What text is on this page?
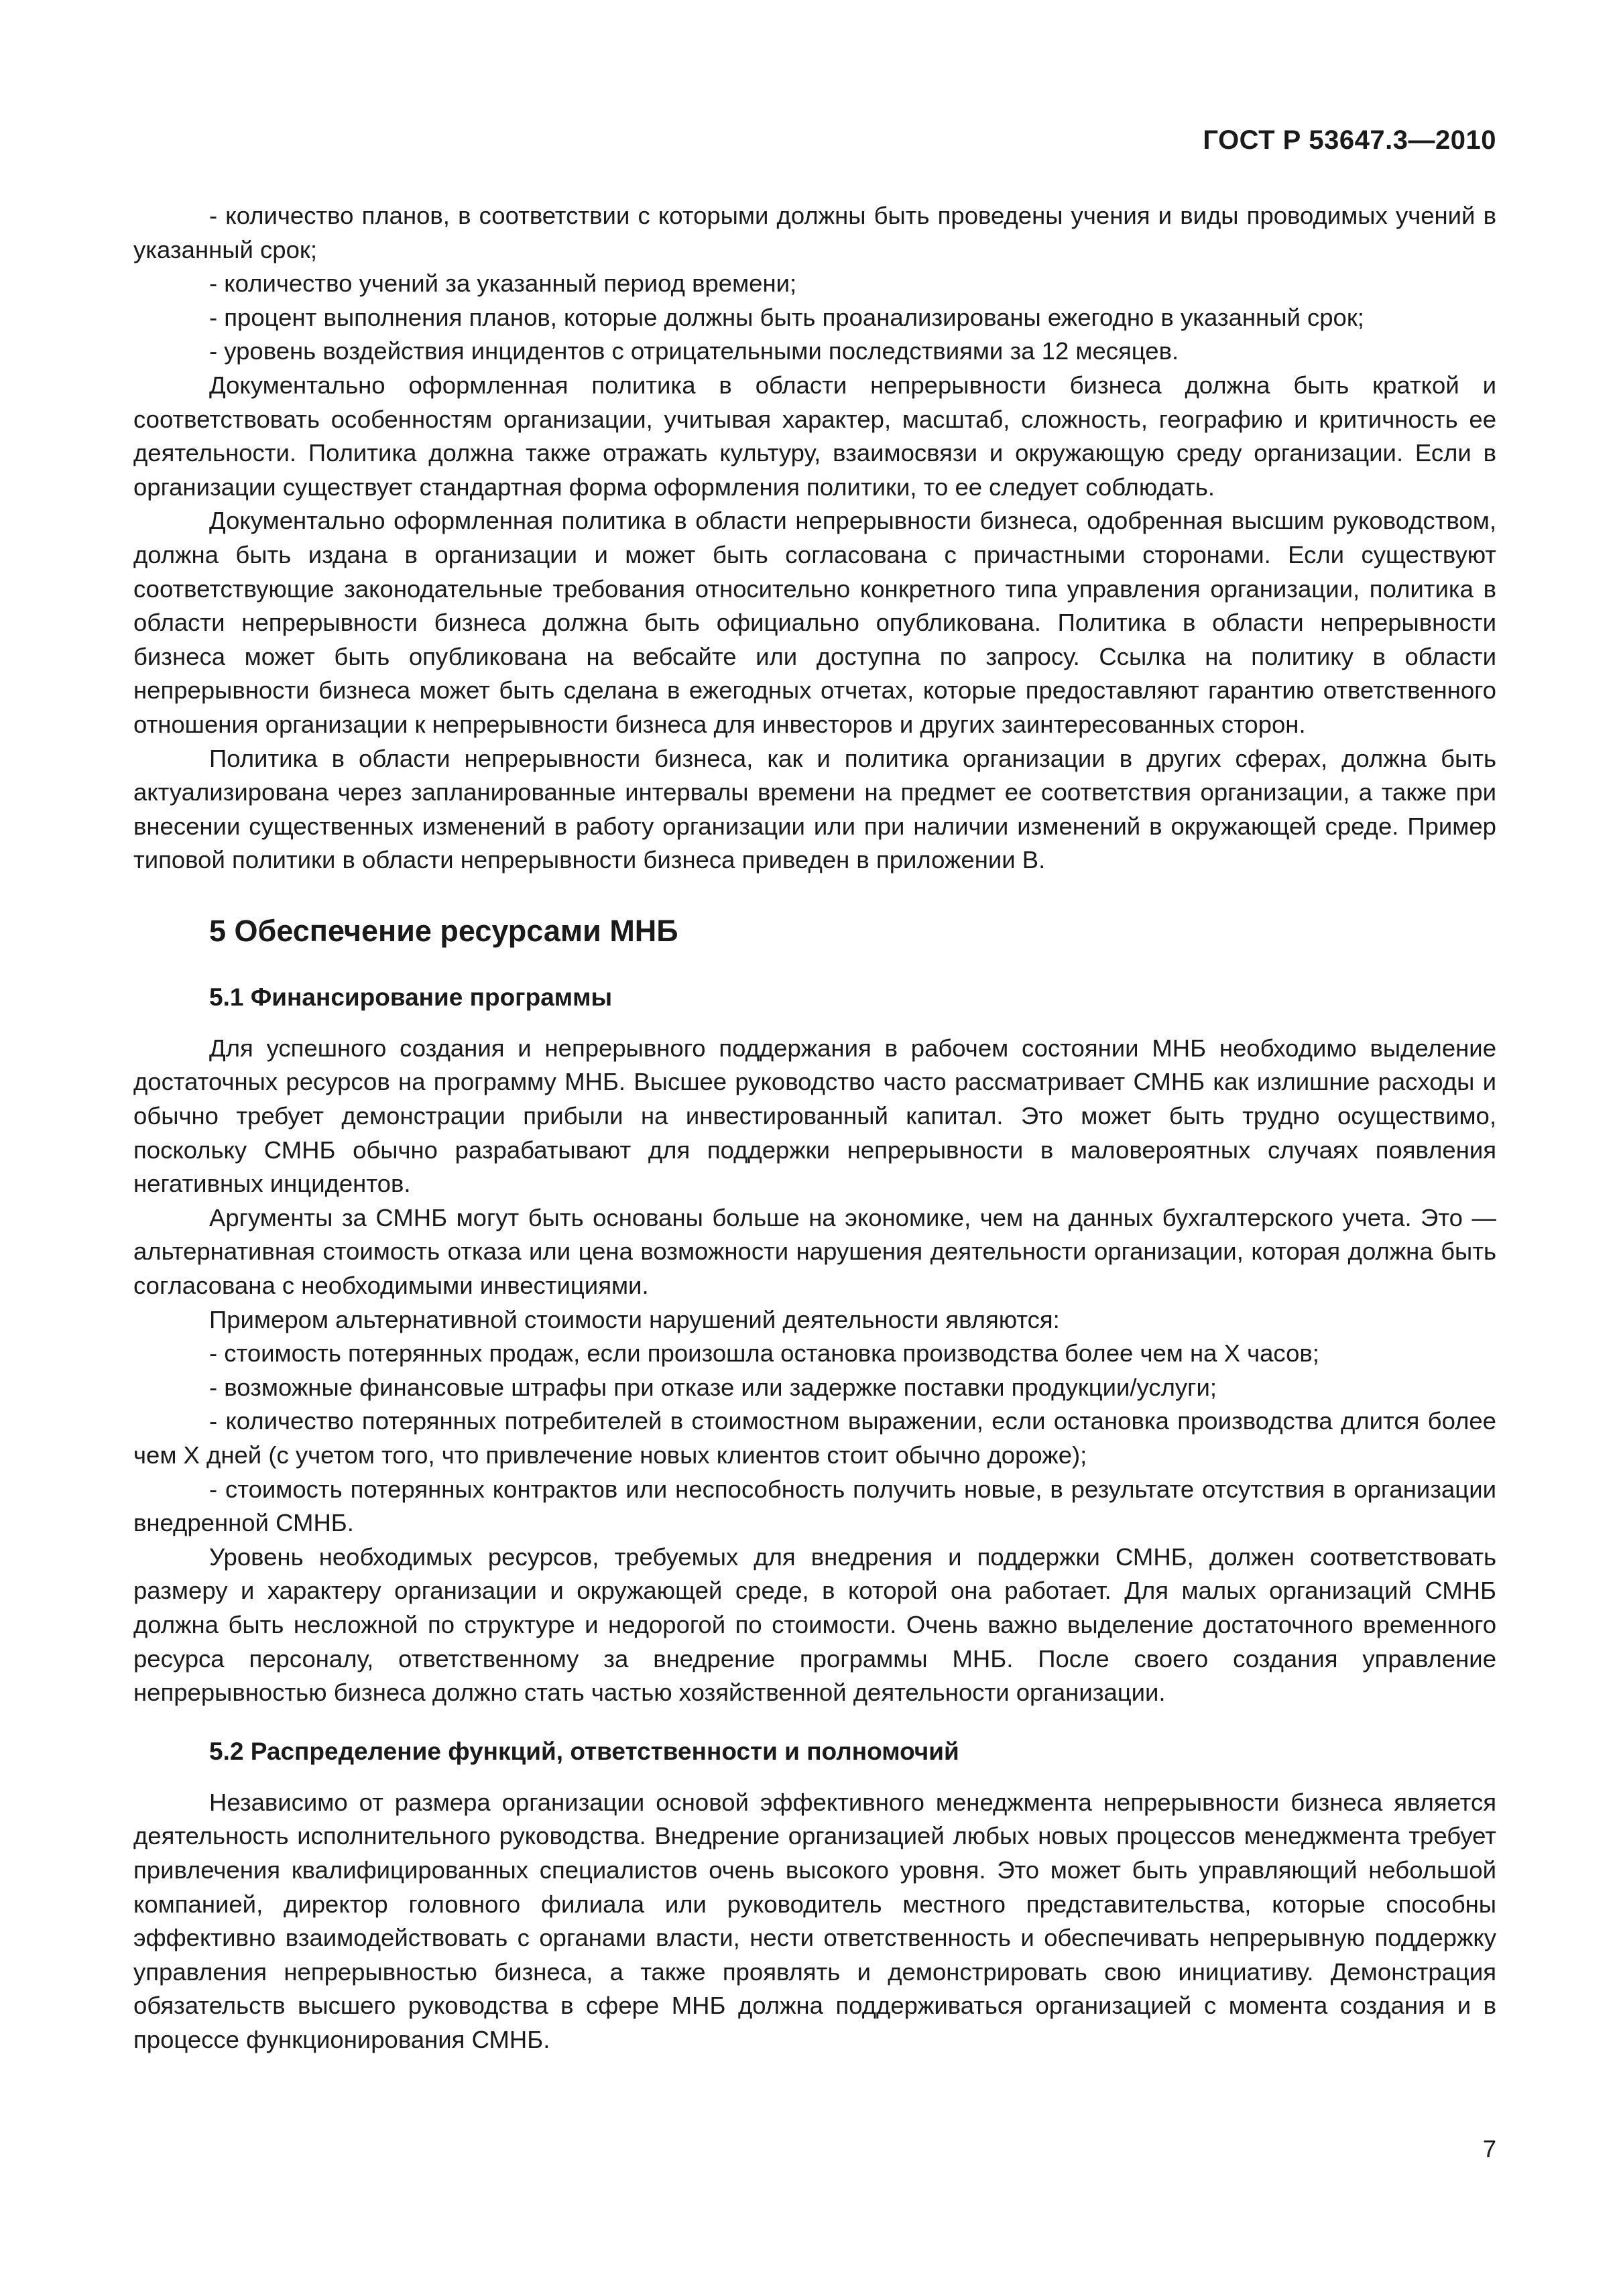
ГОСТ Р 53647.3—2010

- количество планов, в соответствии с которыми должны быть проведены учения и виды проводимых учений в указанный срок;

- количество учений за указанный период времени;

- процент выполнения планов, которые должны быть проанализированы ежегодно в указанный срок;

- уровень воздействия инцидентов с отрицательными последствиями за 12 месяцев.

Документально оформленная политика в области непрерывности бизнеса должна быть краткой и соответствовать особенностям организации, учитывая характер, масштаб, сложность, географию и критичность ее деятельности. Политика должна также отражать культуру, взаимосвязи и окружающую среду организации. Если в организации существует стандартная форма оформления политики, то ее следует соблюдать.

Документально оформленная политика в области непрерывности бизнеса, одобренная высшим руководством, должна быть издана в организации и может быть согласована с причастными сторонами. Если существуют соответствующие законодательные требования относительно конкретного типа управления организации, политика в области непрерывности бизнеса должна быть официально опубликована. Политика в области непрерывности бизнеса может быть опубликована на вебсайте или доступна по запросу. Ссылка на политику в области непрерывности бизнеса может быть сделана в ежегодных отчетах, которые предоставляют гарантию ответственного отношения организации к непрерывности бизнеса для инвесторов и других заинтересованных сторон.

Политика в области непрерывности бизнеса, как и политика организации в других сферах, должна быть актуализирована через запланированные интервалы времени на предмет ее соответствия организации, а также при внесении существенных изменений в работу организации или при наличии изменений в окружающей среде. Пример типовой политики в области непрерывности бизнеса приведен в приложении В.

5 Обеспечение ресурсами МНБ
5.1 Финансирование программы

Для успешного создания и непрерывного поддержания в рабочем состоянии МНБ необходимо выделение достаточных ресурсов на программу МНБ. Высшее руководство часто рассматривает СМНБ как излишние расходы и обычно требует демонстрации прибыли на инвестированный капитал. Это может быть трудно осуществимо, поскольку СМНБ обычно разрабатывают для поддержки непрерывности в маловероятных случаях появления негативных инцидентов.

Аргументы за СМНБ могут быть основаны больше на экономике, чем на данных бухгалтерского учета. Это — альтернативная стоимость отказа или цена возможности нарушения деятельности организации, которая должна быть согласована с необходимыми инвестициями.

Примером альтернативной стоимости нарушений деятельности являются:

- стоимость потерянных продаж, если произошла остановка производства более чем на X часов;

- возможные финансовые штрафы при отказе или задержке поставки продукции/услуги;

- количество потерянных потребителей в стоимостном выражении, если остановка производства длится более чем X дней (с учетом того, что привлечение новых клиентов стоит обычно дороже);

- стоимость потерянных контрактов или неспособность получить новые, в результате отсутствия в организации внедренной СМНБ.

Уровень необходимых ресурсов, требуемых для внедрения и поддержки СМНБ, должен соответствовать размеру и характеру организации и окружающей среде, в которой она работает. Для малых организаций СМНБ должна быть несложной по структуре и недорогой по стоимости. Очень важно выделение достаточного временного ресурса персоналу, ответственному за внедрение программы МНБ. После своего создания управление непрерывностью бизнеса должно стать частью хозяйственной деятельности организации.

5.2 Распределение функций, ответственности и полномочий

Независимо от размера организации основой эффективного менеджмента непрерывности бизнеса является деятельность исполнительного руководства. Внедрение организацией любых новых процессов менеджмента требует привлечения квалифицированных специалистов очень высокого уровня. Это может быть управляющий небольшой компанией, директор головного филиала или руководитель местного представительства, которые способны эффективно взаимодействовать с органами власти, нести ответственность и обеспечивать непрерывную поддержку управления непрерывностью бизнеса, а также проявлять и демонстрировать свою инициативу. Демонстрация обязательств высшего руководства в сфере МНБ должна поддерживаться организацией с момента создания и в процессе функционирования СМНБ.

7
